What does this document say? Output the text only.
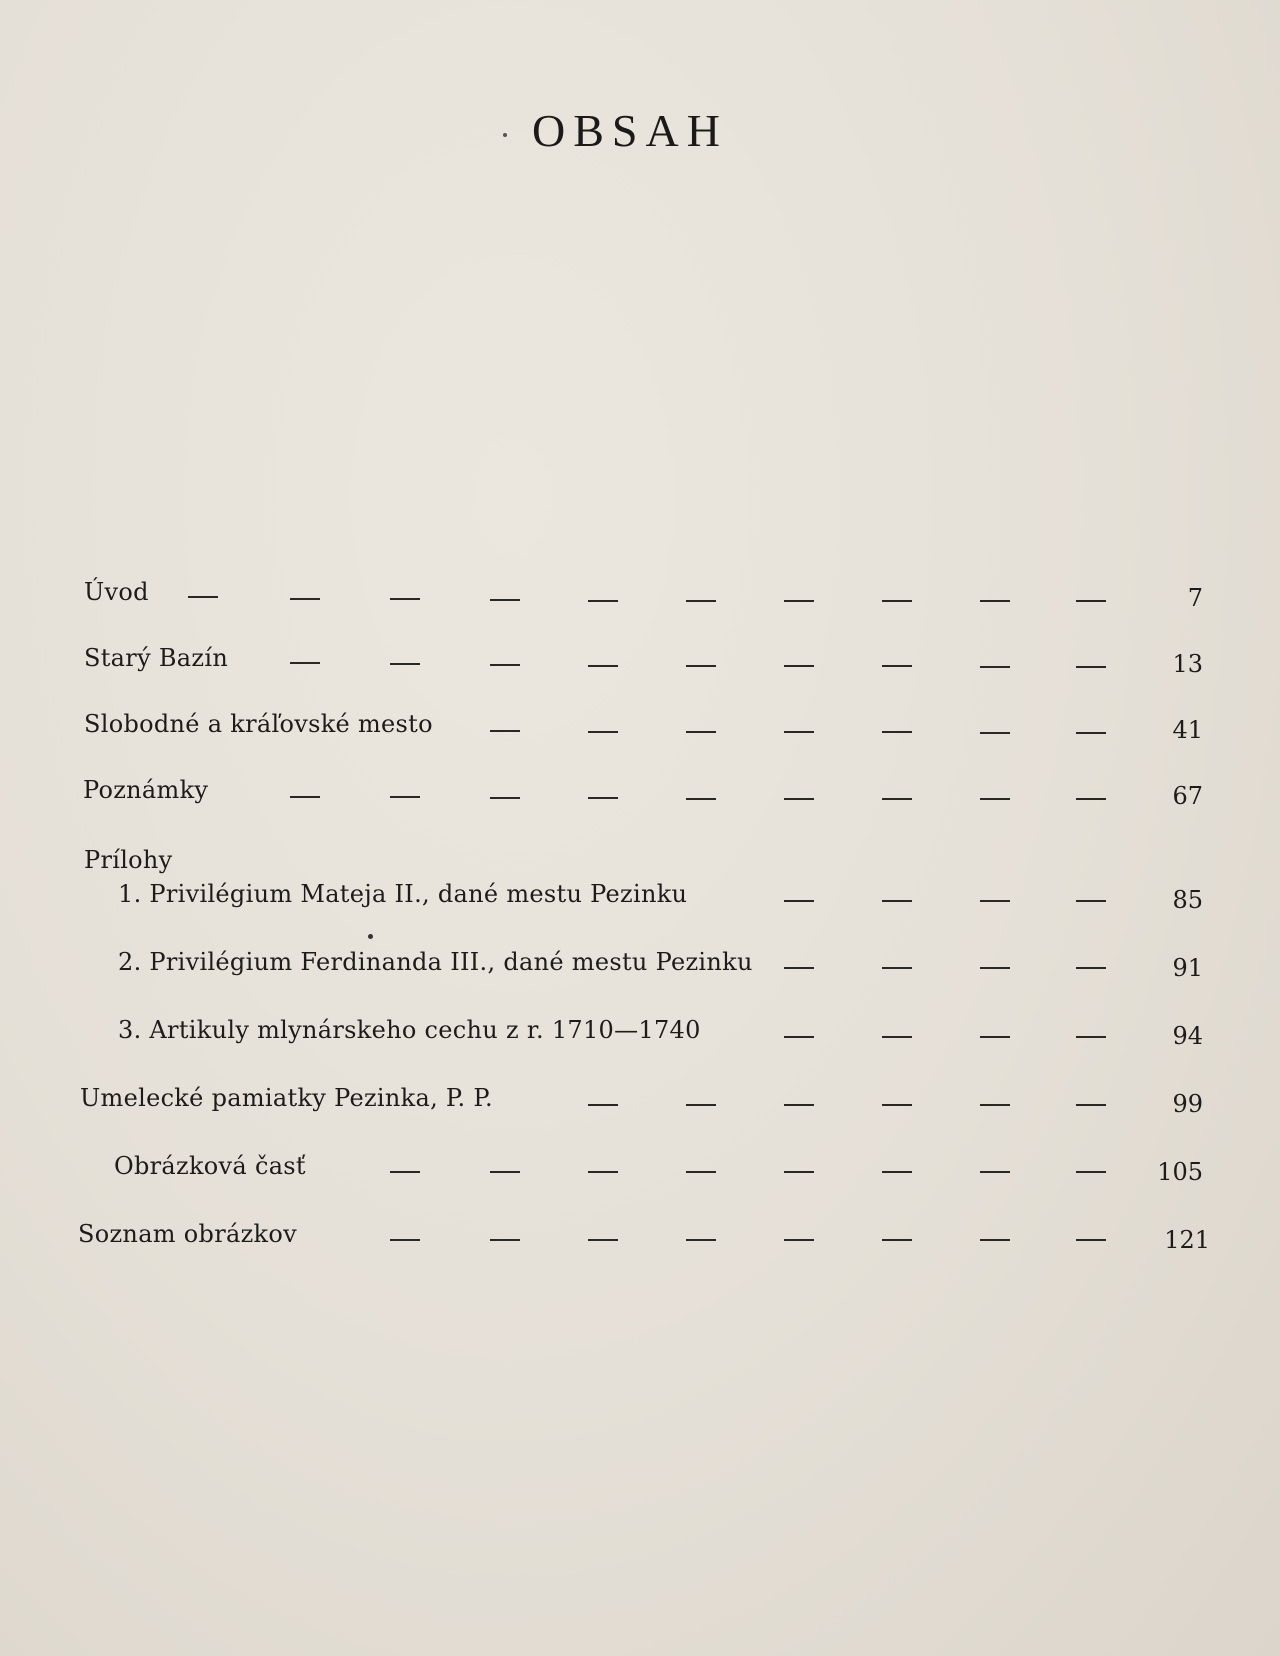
OBSAH
Úvod	7
Starý Bazín	13
Slobodné a kráľovské mesto	41
Poznámky	67
Prílohy
1. Privilégium Mateja II., dané mestu Pezinku	85
2. Privilégium Ferdinanda III., dané mestu Pezinku	91
3. Artikuly mlynárskeho cechu z r. 1710—1740	94
Umelecké pamiatky Pezinka, P. P.	99
Obrázková časť	105
Soznam obrázkov	121
